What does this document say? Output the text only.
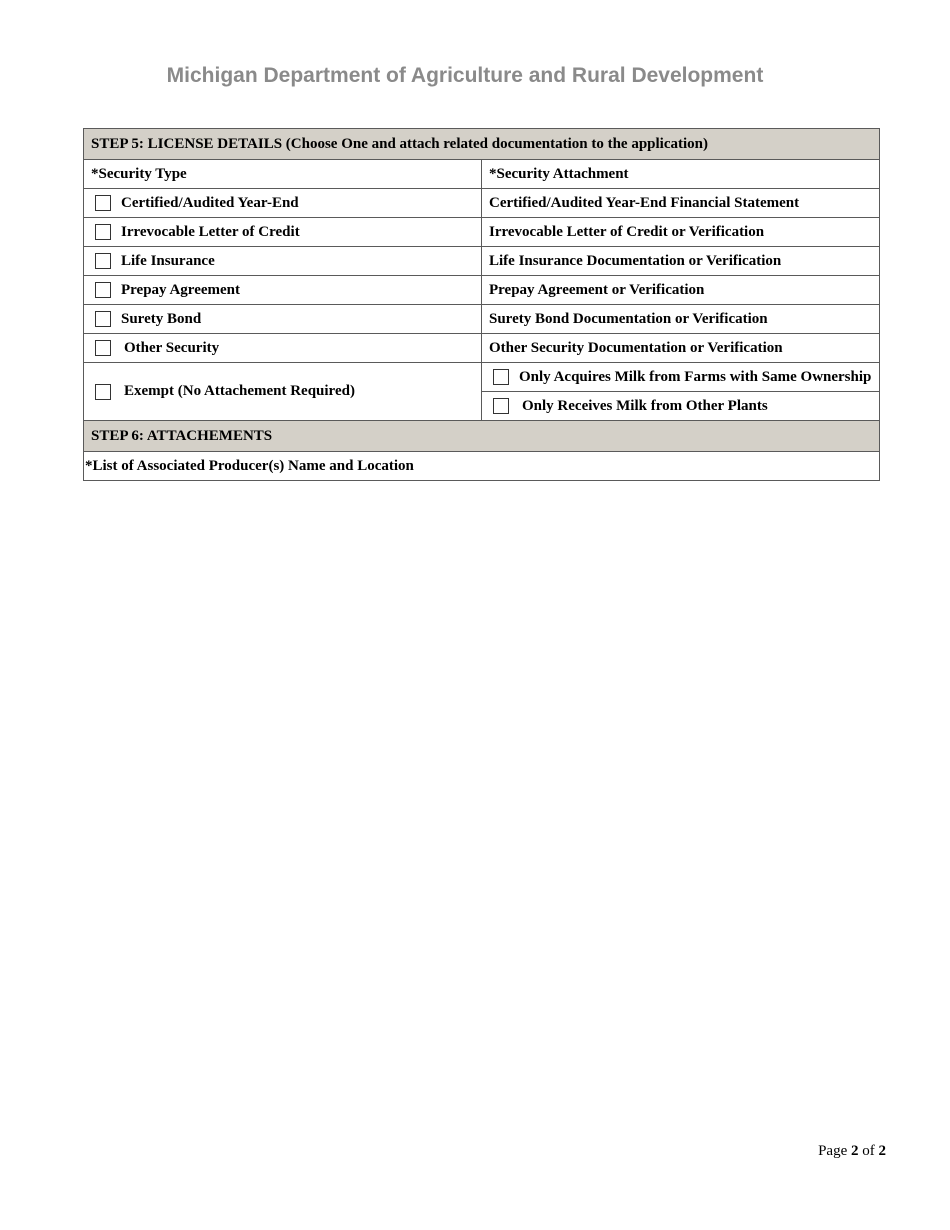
Michigan Department of Agriculture and Rural Development
STEP 5: LICENSE DETAILS (Choose One and attach related documentation to the application)	
*Security Type	*Security Attachment

Certified/Audited Year-End	Certified/Audited Year-End Financial Statement

Irrevocable Letter of Credit	Irrevocable Letter of Credit or Verification

Life Insurance	Life Insurance Documentation or Verification

Prepay Agreement	Prepay Agreement or Verification

Surety Bond	Surety Bond Documentation or Verification

Other Security	Other Security Documentation or Verification

Exempt (No Attachement Required)	Only Acquires Milk from Farms with Same Ownership

	Only Receives Milk from Other Plants

STEP 6: ATTACHEMENTS	
*List of Associated Producer(s) Name and Location	
Page 2 of 2
